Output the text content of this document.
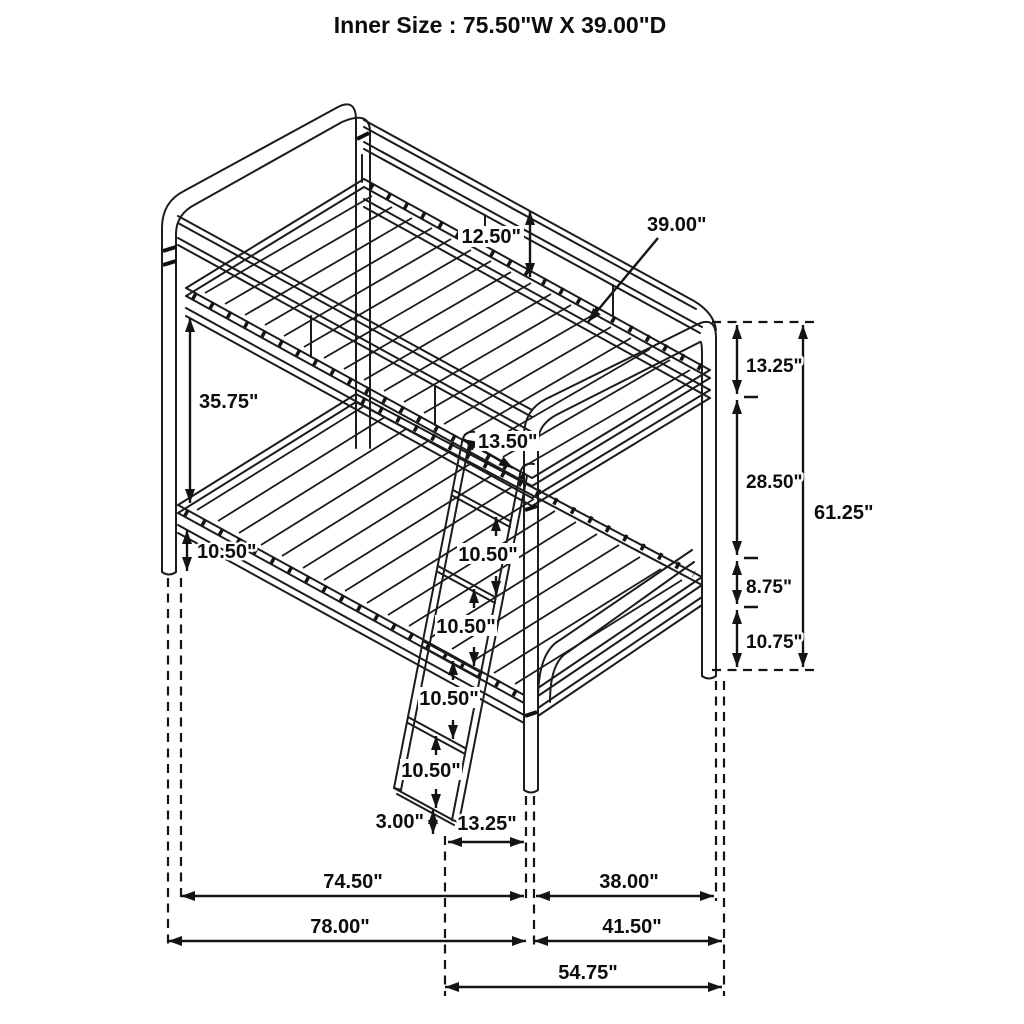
12.50"
39.00"
35.75"
10.50"
13.50"
10.50"
10.50"
10.50"
10.50"
3.00" 13.25"
13.25"
28.50"
8.75"
10.75"
61.25"
74.50"	38.00"
78.00"	41.50"
54.75"
Inner Size : 75.50"W X 39.00"D
